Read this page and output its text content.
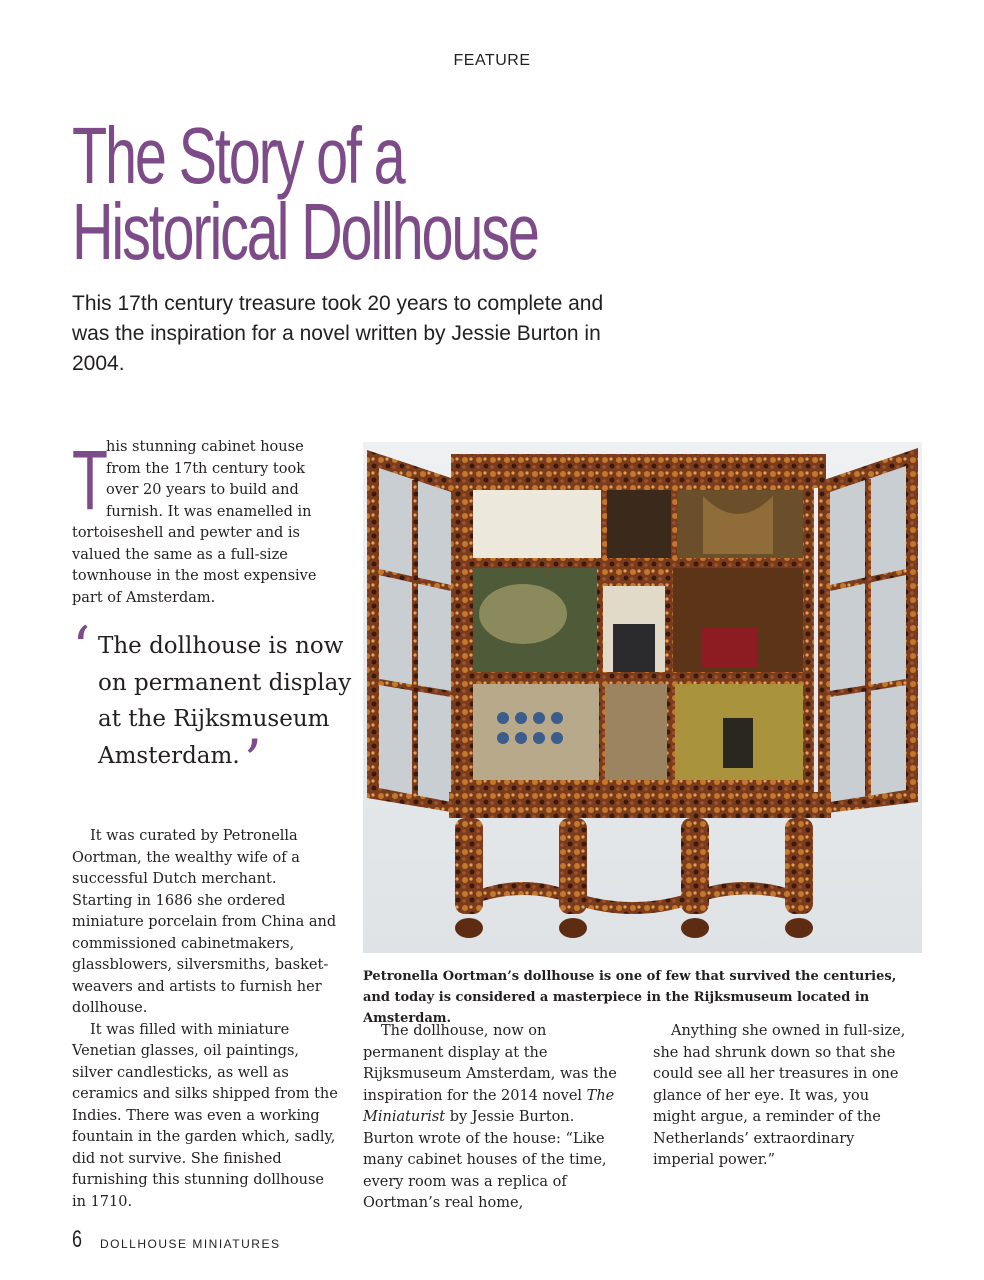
FEATURE
The Story of a
Historical Dollhouse
This 17th century treasure took 20 years to complete and was the inspiration for a novel written by Jessie Burton in 2004.
T
his stunning cabinet house from the 17th century took over 20 years to build and furnish. It was enamelled in tortoiseshell and pewter and is valued the same as a full-size townhouse in the most expensive part of Amsterdam.
‘ The dollhouse is now on permanent display at the Rijksmuseum Amsterdam.’

It was curated by Petronella Oortman, the wealthy wife of a successful Dutch merchant. Starting in 1686 she ordered miniature porcelain from China and commissioned cabinetmakers, glassblowers, silversmiths, basket-weavers and artists to furnish her dollhouse.

It was filled with miniature Venetian glasses, oil paintings, silver candlesticks, as well as ceramics and silks shipped from the Indies. There was even a working fountain in the garden which, sadly, did not survive. She finished furnishing this stunning dollhouse in 1710.

Petronella Oortman’s dollhouse is one of few that survived the centuries, and today is considered a masterpiece in the Rijksmuseum located in Amsterdam.

The dollhouse, now on permanent display at the Rijksmuseum Amsterdam, was the inspiration for the 2014 novel The Miniaturist by Jessie Burton. Burton wrote of the house: “Like many cabinet houses of the time, every room was a replica of Oortman’s real home,

Anything she owned in full-size, she had shrunk down so that she could see all her treasures in one glance of her eye. It was, you might argue, a reminder of the Netherlands’ extraordinary imperial power.”

6 DOLLHOUSE MINIATURES
